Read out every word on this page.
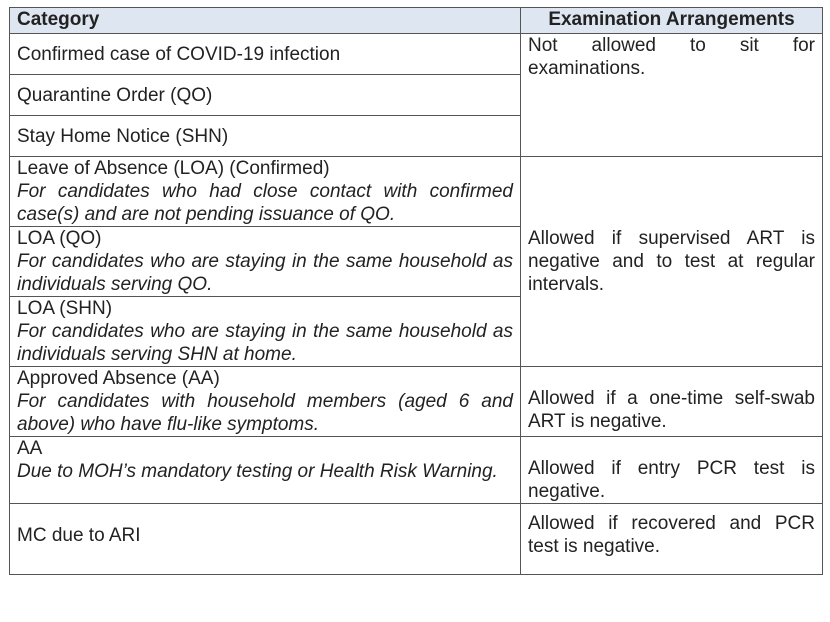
Category	Examination Arrangements
Confirmed case of COVID-19 infection	Not allowed to sit for examinations.
Quarantine Order (QO)	
Stay Home Notice (SHN)	
Leave of Absence (LOA) (Confirmed)
For candidates who had close contact with confirmed case(s) and are not pending issuance of QO.	Allowed if supervised ART is negative and to test at regular intervals.
LOA (QO)
For candidates who are staying in the same household as individuals serving QO.	

LOA (SHN)
For candidates who are staying in the same household as individuals serving SHN at home.	

Approved Absence (AA)
For candidates with household members (aged 6 and above) who have flu-like symptoms.	Allowed if a one-time self-swab ART is negative.
AA
Due to MOH’s mandatory testing or Health Risk Warning.	Allowed if entry PCR test is negative.
MC due to ARI	Allowed if recovered and PCR test is negative.
